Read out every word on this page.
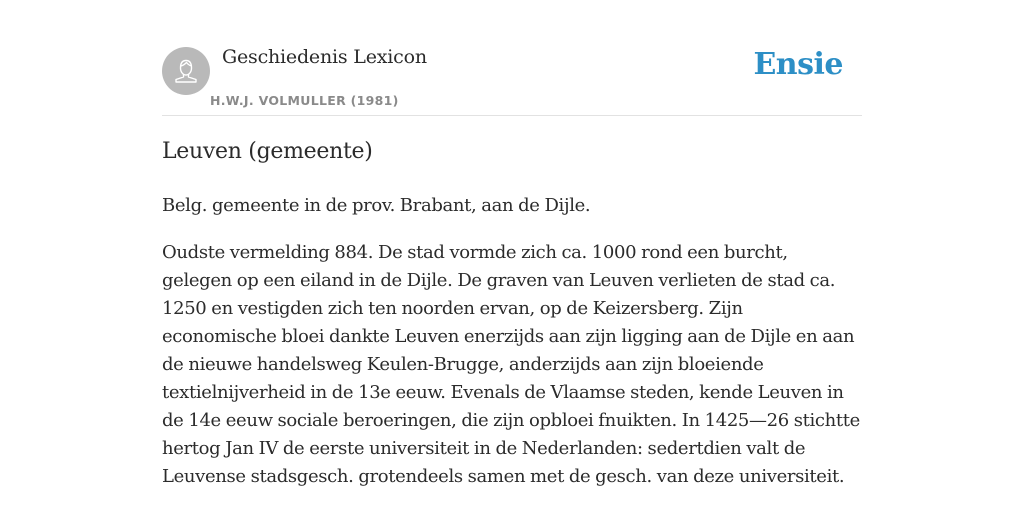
Geschiedenis Lexicon
H.W.J. VOLMULLER (1981)
Ensie
Leuven (gemeente)

Belg. gemeente in de prov. Brabant, aan de Dijle.

Oudste vermelding 884. De stad vormde zich ca. 1000 rond een burcht, gelegen op een eiland in de Dijle. De graven van Leuven verlieten de stad ca. 1250 en vestigden zich ten noorden ervan, op de Keizersberg. Zijn economische bloei dankte Leuven enerzijds aan zijn ligging aan de Dijle en aan de nieuwe handelsweg Keulen-Brugge, anderzijds aan zijn bloeiende textielnijverheid in de 13e eeuw. Evenals de Vlaamse steden, kende Leuven in de 14e eeuw sociale beroeringen, die zijn opbloei fnuikten. In 1425—26 stichtte hertog Jan IV de eerste universiteit in de Nederlanden: sedertdien valt de Leuvense stadsgesch. grotendeels samen met de gesch. van deze universiteit.
